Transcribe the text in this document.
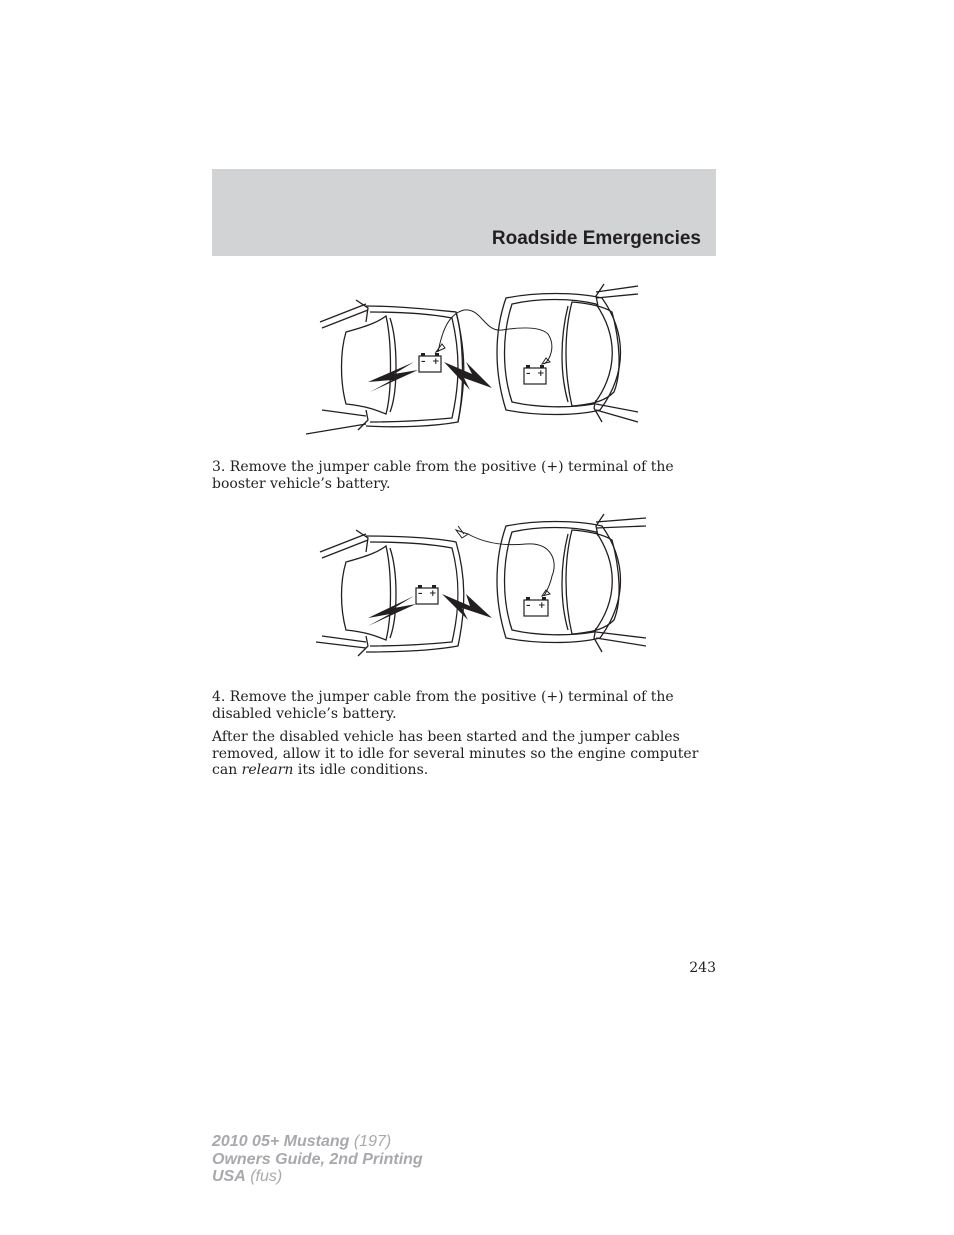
Roadside Emergencies
– +
– +

3. Remove the jumper cable from the positive (+) terminal of the booster vehicle’s battery.

– +
– +

4. Remove the jumper cable from the positive (+) terminal of the disabled vehicle’s battery.

After the disabled vehicle has been started and the jumper cables removed, allow it to idle for several minutes so the engine computer can relearn its idle conditions.

243
2010 05+ Mustang (197)
Owners Guide, 2nd Printing
USA (fus)
